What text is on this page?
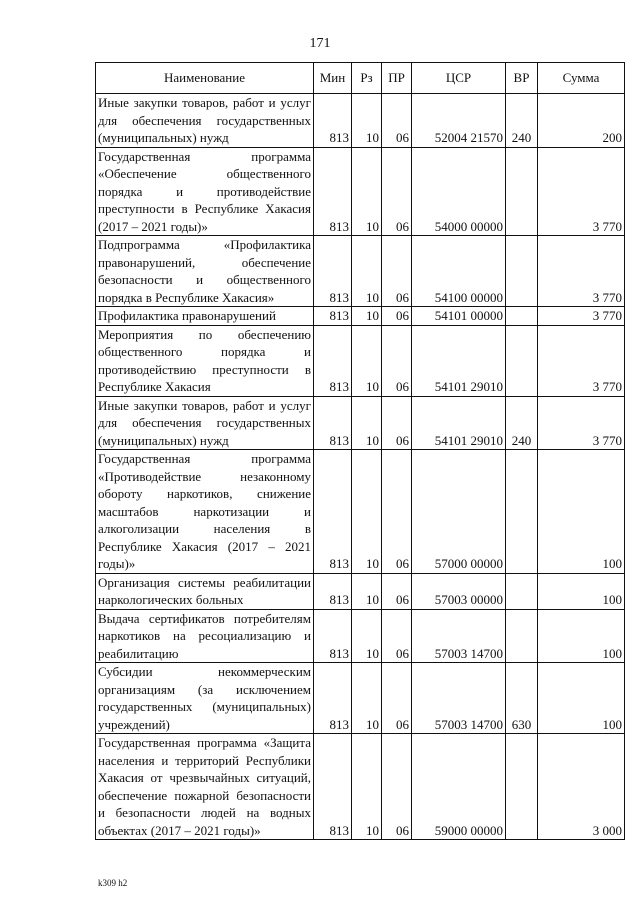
171
Наименование	Мин	Рз	ПР	ЦСР	ВР	Сумма
Иные закупки товаров, работ и услуг для обеспечения государственных (муниципальных) нужд	813	10	06	52004 21570	240	200
Государственная программа «Обеспечение общественного порядка и противодействие преступности в Республике Хакасия (2017 – 2021 годы)»	813	10	06	54000 00000		3 770
Подпрограмма «Профилактика правонарушений, обеспечение безопасности и общественного порядка в Республике Хакасия»	813	10	06	54100 00000		3 770
Профилактика правонарушений	813	10	06	54101 00000		3 770
Мероприятия по обеспечению общественного порядка и противодействию преступности в Республике Хакасия	813	10	06	54101 29010		3 770
Иные закупки товаров, работ и услуг для обеспечения государственных (муниципальных) нужд	813	10	06	54101 29010	240	3 770
Государственная программа «Противодействие незаконному обороту наркотиков, снижение масштабов наркотизации и алкоголизации населения в Республике Хакасия (2017 – 2021 годы)»	813	10	06	57000 00000		100
Организация системы реабилитации наркологических больных	813	10	06	57003 00000		100
Выдача сертификатов потребителям наркотиков на ресоциализацию и реабилитацию	813	10	06	57003 14700		100
Субсидии некоммерческим организациям (за исключением государственных (муниципальных) учреждений)	813	10	06	57003 14700	630	100
Государственная программа «Защита населения и территорий Республики Хакасия от чрезвычайных ситуаций, обеспечение пожарной безопасности и безопасности людей на водных объектах (2017 – 2021 годы)»	813	10	06	59000 00000		3 000
k309 h2
